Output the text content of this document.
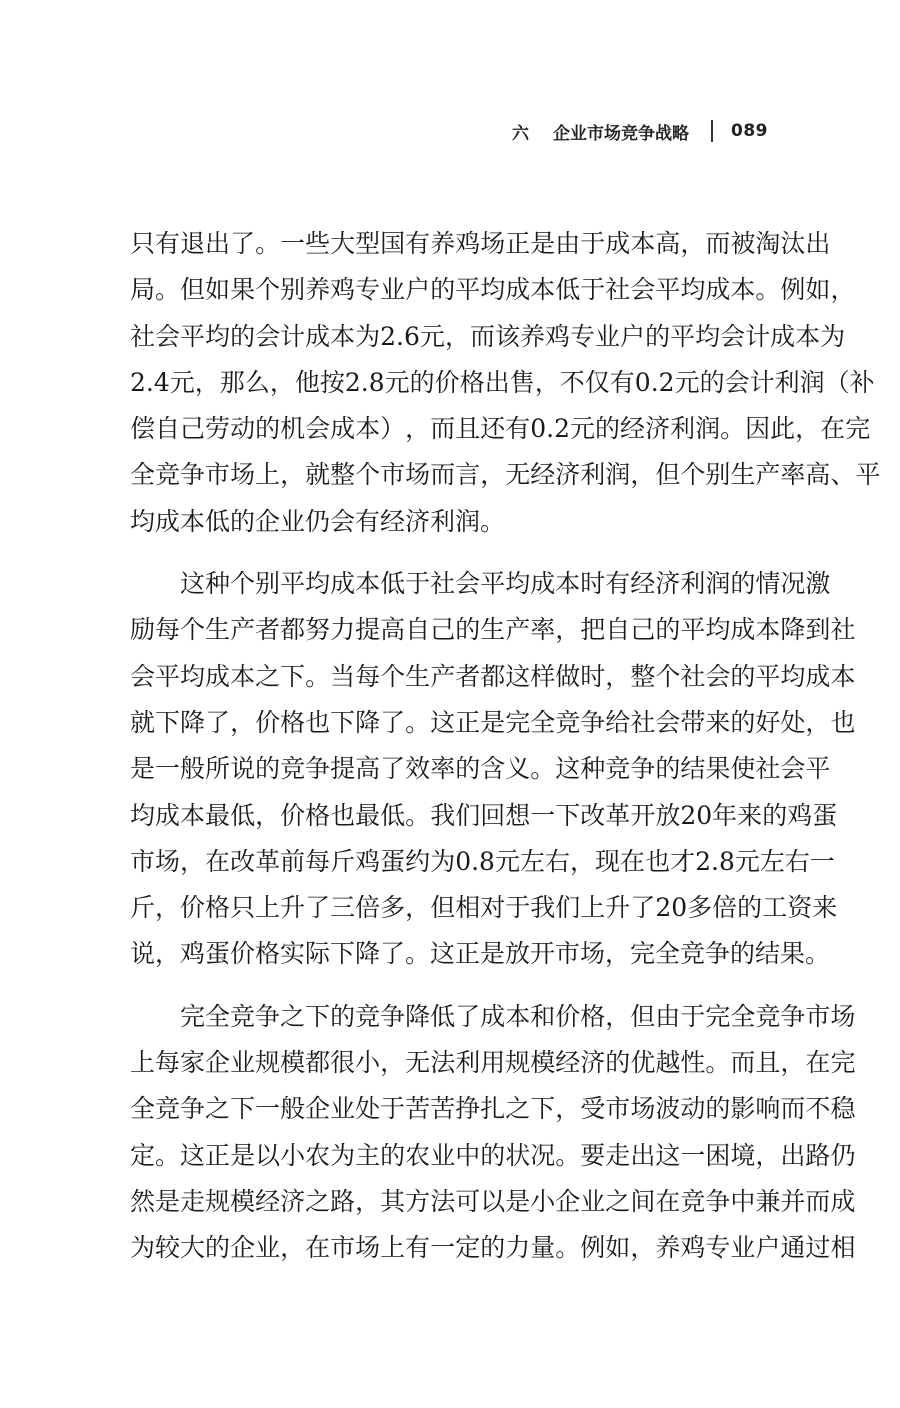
六 企业市场竞争战略 089
只 有 退 出 了 。 一 些 大 型 国 有 养 鸡 场 正 是 由 于 成 本 高 ， 而 被 淘 汰 出
局 。 但 如 果 个 别 养 鸡 专 业 户 的 平 均 成 本 低 于 社 会 平 均 成 本 。 例 如 ，
社 会 平 均 的 会 计 成 本 为 2.6 元 ， 而 该 养 鸡 专 业 户 的 平 均 会 计 成 本 为
2.4 元 ， 那 么 ， 他 按 2.8 元 的 价 格 出 售 ， 不 仅 有 0.2 元 的 会 计 利 润 （ 补
偿 自 己 劳 动 的 机 会 成 本 ） ， 而 且 还 有 0.2 元 的 经 济 利 润 。 因 此 ， 在 完
全 竞 争 市 场 上 ， 就 整 个 市 场 而 言 ， 无 经 济 利 润 ， 但 个 别 生 产 率 高 、 平
均成本低的企业仍会有经济利润。
这 种 个 别 平 均 成 本 低 于 社 会 平 均 成 本 时 有 经 济 利 润 的 情 况 激
励 每 个 生 产 者 都 努 力 提 高 自 己 的 生 产 率 ， 把 自 己 的 平 均 成 本 降 到 社
会 平 均 成 本 之 下 。 当 每 个 生 产 者 都 这 样 做 时 ， 整 个 社 会 的 平 均 成 本
就 下 降 了 ， 价 格 也 下 降 了 。 这 正 是 完 全 竞 争 给 社 会 带 来 的 好 处 ， 也
是 一 般 所 说 的 竞 争 提 高 了 效 率 的 含 义 。 这 种 竞 争 的 结 果 使 社 会 平
均 成 本 最 低 ， 价 格 也 最 低 。 我 们 回 想 一 下 改 革 开 放 20 年 来 的 鸡 蛋
市 场 ， 在 改 革 前 每 斤 鸡 蛋 约 为 0.8 元 左 右 ， 现 在 也 才 2.8 元 左 右 一
斤 ， 价 格 只 上 升 了 三 倍 多 ， 但 相 对 于 我 们 上 升 了 20 多 倍 的 工 资 来
说，鸡蛋价格实际下降了。这正是放开市场，完全竞争的结果。
完 全 竞 争 之 下 的 竞 争 降 低 了 成 本 和 价 格 ， 但 由 于 完 全 竞 争 市 场
上 每 家 企 业 规 模 都 很 小 ， 无 法 利 用 规 模 经 济 的 优 越 性 。 而 且 ， 在 完
全 竞 争 之 下 一 般 企 业 处 于 苦 苦 挣 扎 之 下 ， 受 市 场 波 动 的 影 响 而 不 稳
定 。 这 正 是 以 小 农 为 主 的 农 业 中 的 状 况 。 要 走 出 这 一 困 境 ， 出 路 仍
然 是 走 规 模 经 济 之 路 ， 其 方 法 可 以 是 小 企 业 之 间 在 竞 争 中 兼 并 而 成
为 较 大 的 企 业 ， 在 市 场 上 有 一 定 的 力 量 。 例 如 ， 养 鸡 专 业 户 通 过 相
